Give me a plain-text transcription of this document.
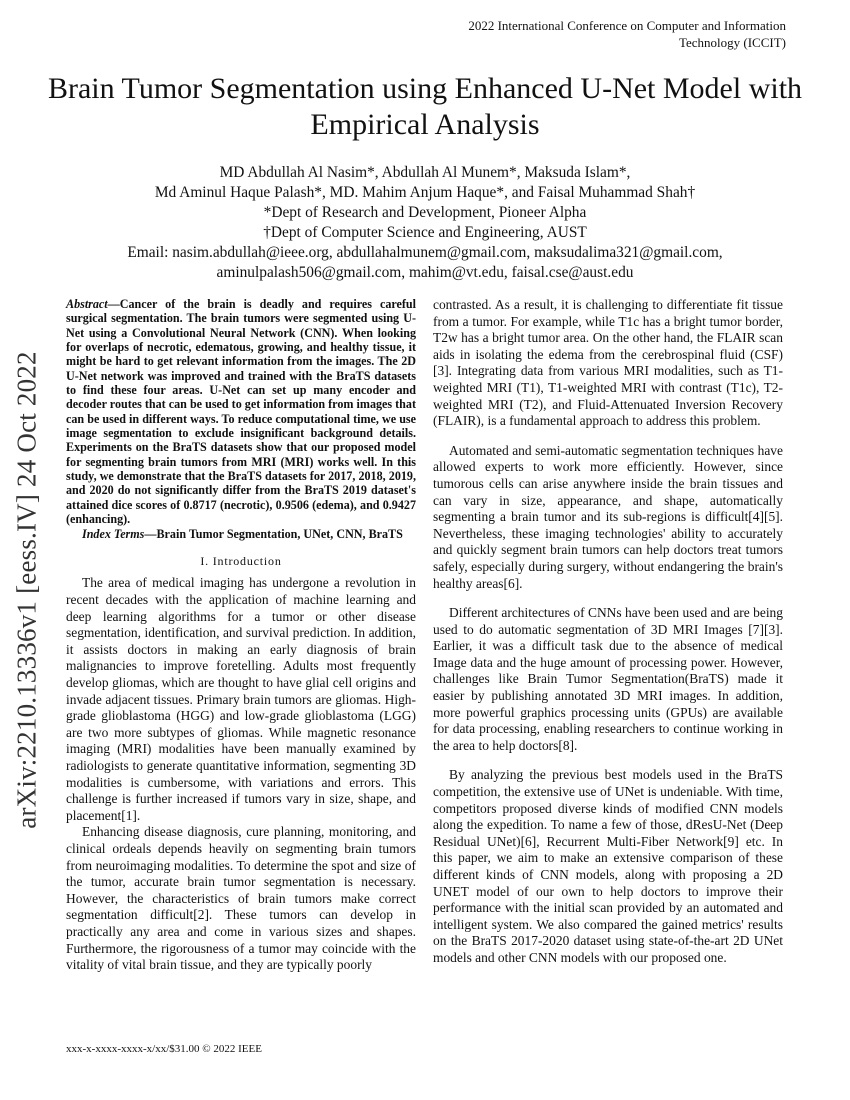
2022 International Conference on Computer and Information
Technology (ICCIT)
Brain Tumor Segmentation using Enhanced U-Net Model with Empirical Analysis
MD Abdullah Al Nasim*, Abdullah Al Munem*, Maksuda Islam*,
Md Aminul Haque Palash*, MD. Mahim Anjum Haque*, and Faisal Muhammad Shah†
*Dept of Research and Development, Pioneer Alpha
†Dept of Computer Science and Engineering, AUST
Email: nasim.abdullah@ieee.org, abdullahalmunem@gmail.com, maksudalima321@gmail.com,
aminulpalash506@gmail.com, mahim@vt.edu, faisal.cse@aust.edu
arXiv:2210.13336v1 [eess.IV] 24 Oct 2022

Abstract—Cancer of the brain is deadly and requires careful surgical segmentation. The brain tumors were segmented using U-Net using a Convolutional Neural Network (CNN). When looking for overlaps of necrotic, edematous, growing, and healthy tissue, it might be hard to get relevant information from the images. The 2D U-Net network was improved and trained with the BraTS datasets to find these four areas. U-Net can set up many encoder and decoder routes that can be used to get information from images that can be used in different ways. To reduce computational time, we use image segmentation to exclude insignificant background details. Experiments on the BraTS datasets show that our proposed model for segmenting brain tumors from MRI (MRI) works well. In this study, we demonstrate that the BraTS datasets for 2017, 2018, 2019, and 2020 do not significantly differ from the BraTS 2019 dataset's attained dice scores of 0.8717 (necrotic), 0.9506 (edema), and 0.9427 (enhancing).

Index Terms—Brain Tumor Segmentation, UNet, CNN, BraTS

I. Introduction

The area of medical imaging has undergone a revolution in recent decades with the application of machine learning and deep learning algorithms for a tumor or other disease segmentation, identification, and survival prediction. In addition, it assists doctors in making an early diagnosis of brain malignancies to improve foretelling. Adults most frequently develop gliomas, which are thought to have glial cell origins and invade adjacent tissues. Primary brain tumors are gliomas. High-grade glioblastoma (HGG) and low-grade glioblastoma (LGG) are two more subtypes of gliomas. While magnetic resonance imaging (MRI) modalities have been manually examined by radiologists to generate quantitative information, segmenting 3D modalities is cumbersome, with variations and errors. This challenge is further increased if tumors vary in size, shape, and placement[1].

Enhancing disease diagnosis, cure planning, monitoring, and clinical ordeals depends heavily on segmenting brain tumors from neuroimaging modalities. To determine the spot and size of the tumor, accurate brain tumor segmentation is necessary. However, the characteristics of brain tumors make correct segmentation difficult[2]. These tumors can develop in practically any area and come in various sizes and shapes. Furthermore, the rigorousness of a tumor may coincide with the vitality of vital brain tissue, and they are typically poorly

contrasted. As a result, it is challenging to differentiate fit tissue from a tumor. For example, while T1c has a bright tumor border, T2w has a bright tumor area. On the other hand, the FLAIR scan aids in isolating the edema from the cerebrospinal fluid (CSF)[3]. Integrating data from various MRI modalities, such as T1-weighted MRI (T1), T1-weighted MRI with contrast (T1c), T2-weighted MRI (T2), and Fluid-Attenuated Inversion Recovery (FLAIR), is a fundamental approach to address this problem.

Automated and semi-automatic segmentation techniques have allowed experts to work more efficiently. However, since tumorous cells can arise anywhere inside the brain tissues and can vary in size, appearance, and shape, automatically segmenting a brain tumor and its sub-regions is difficult[4][5]. Nevertheless, these imaging technologies' ability to accurately and quickly segment brain tumors can help doctors treat tumors safely, especially during surgery, without endangering the brain's healthy areas[6].

Different architectures of CNNs have been used and are being used to do automatic segmentation of 3D MRI Images [7][3]. Earlier, it was a difficult task due to the absence of medical Image data and the huge amount of processing power. However, challenges like Brain Tumor Segmentation(BraTS) made it easier by publishing annotated 3D MRI images. In addition, more powerful graphics processing units (GPUs) are available for data processing, enabling researchers to continue working in the area to help doctors[8].

By analyzing the previous best models used in the BraTS competition, the extensive use of UNet is undeniable. With time, competitors proposed diverse kinds of modified CNN models along the expedition. To name a few of those, dResU-Net (Deep Residual UNet)[6], Recurrent Multi-Fiber Network[9] etc. In this paper, we aim to make an extensive comparison of these different kinds of CNN models, along with proposing a 2D UNET model of our own to help doctors to improve their performance with the initial scan provided by an automated and intelligent system. We also compared the gained metrics' results on the BraTS 2017-2020 dataset using state-of-the-art 2D UNet models and other CNN models with our proposed one.

xxx-x-xxxx-xxxx-x/xx/$31.00 © 2022 IEEE
